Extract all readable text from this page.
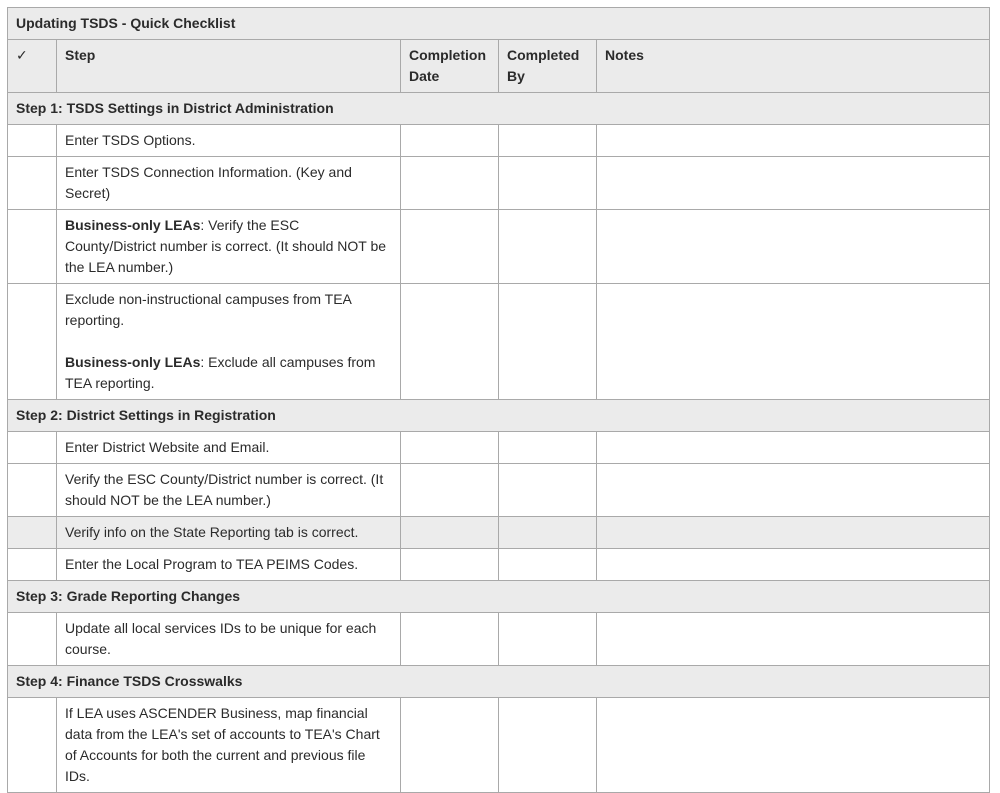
Updating TSDS - Quick Checklist				
✓	Step	Completion Date	Completed By	Notes
Step 1: TSDS Settings in District Administration				

	Enter TSDS Options.			

	Enter TSDS Connection Information. (Key and Secret)			

	Business-only LEAs: Verify the ESC County/District number is correct. (It should NOT be the LEA number.)			

	Exclude non-instructional campuses from TEA reporting.

Business-only LEAs: Exclude all campuses from TEA reporting.			

Step 2: District Settings in Registration				

	Enter District Website and Email.			

	Verify the ESC County/District number is correct. (It should NOT be the LEA number.)			

	Verify info on the State Reporting tab is correct.			

	Enter the Local Program to TEA PEIMS Codes.			

Step 3: Grade Reporting Changes				

	Update all local services IDs to be unique for each course.			

Step 4: Finance TSDS Crosswalks				

	If LEA uses ASCENDER Business, map financial data from the LEA's set of accounts to TEA's Chart of Accounts for both the current and previous file IDs.			
